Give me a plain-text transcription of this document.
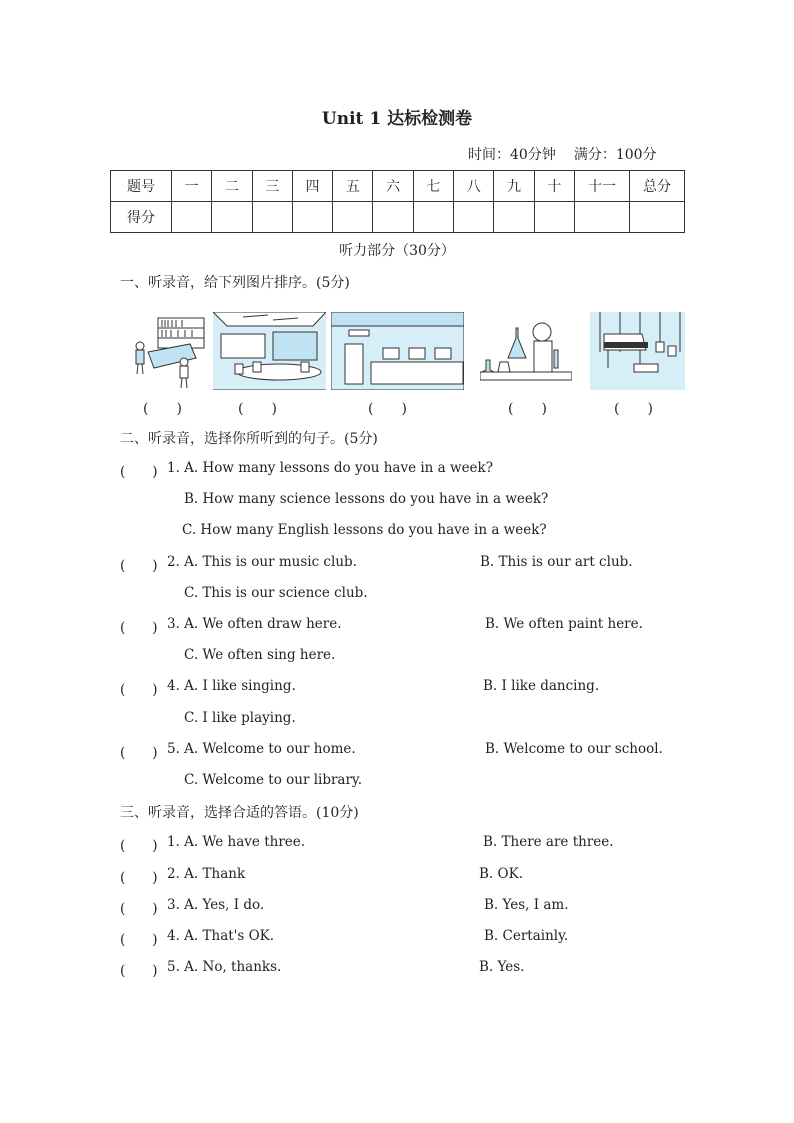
Unit 1 达标检测卷
时间：40分钟 满分：100分
题号	一	二	三	四	五	六	七	八	九	十	十一	总分
得分												
听力部分（30分）
一、听录音，给下列图片排序。(5分)
(　　)	(　　)	(　　)	(　　)	(　　)
二、听录音，选择你所听到的句子。(5分)
(　　) 1. A. How many lessons do you have in a week?
B. How many science lessons do you have in a week?
C. How many English lessons do you have in a week?
(　　) 2. A. This is our music club.	B. This is our art club.
C. This is our science club.
(　　) 3. A. We often draw here.	B. We often paint here.
C. We often sing here.
(　　) 4. A. I like singing.	B. I like dancing.
C. I like playing.
(　　) 5. A. Welcome to our home.	B. Welcome to our school.
C. Welcome to our library.
三、听录音，选择合适的答语。(10分)
(　　) 1. A. We have three.	B. There are three.
(　　) 2. A. Thank	B. OK.
(　　) 3. A. Yes, I do.	B. Yes, I am.
(　　) 4. A. That's OK.	B. Certainly.
(　　) 5. A. No, thanks.	B. Yes.
